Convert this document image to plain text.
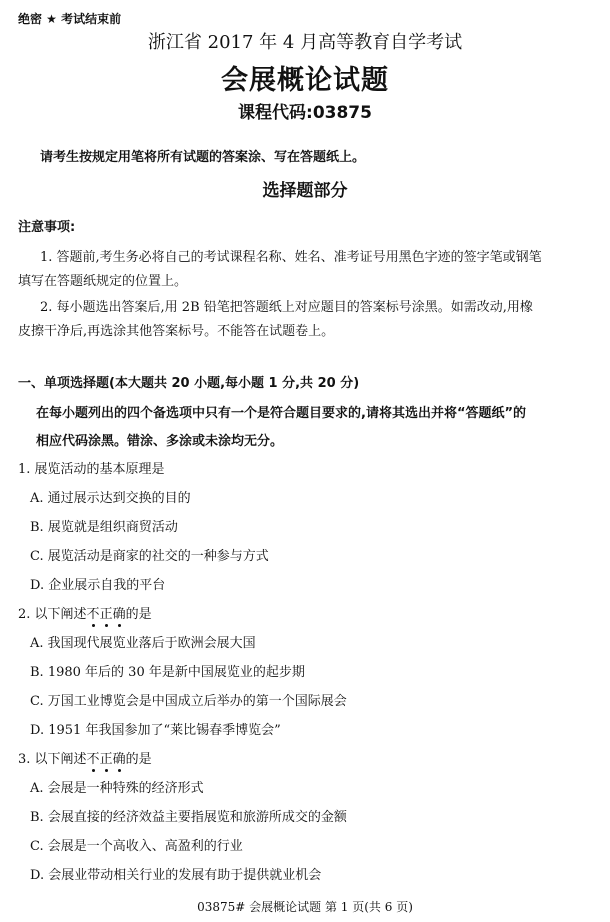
绝密 ★ 考试结束前
浙江省 2017 年 4 月高等教育自学考试
会展概论试题
课程代码:03875
请考生按规定用笔将所有试题的答案涂、写在答题纸上。
选择题部分
注意事项:
1. 答题前,考生务必将自己的考试课程名称、姓名、准考证号用黑色字迹的签字笔或钢笔
填写在答题纸规定的位置上。
2. 每小题选出答案后,用 2B 铅笔把答题纸上对应题目的答案标号涂黑。如需改动,用橡
皮擦干净后,再选涂其他答案标号。不能答在试题卷上。
一、单项选择题(本大题共 20 小题,每小题 1 分,共 20 分)
在每小题列出的四个备选项中只有一个是符合题目要求的,请将其选出并将“答题纸”的
相应代码涂黑。错涂、多涂或未涂均无分。
1. 展览活动的基本原理是
A. 通过展示达到交换的目的
B. 展览就是组织商贸活动
C. 展览活动是商家的社交的一种参与方式
D. 企业展示自我的平台
2. 以下阐述不正确的是
A. 我国现代展览业落后于欧洲会展大国
B. 1980 年后的 30 年是新中国展览业的起步期
C. 万国工业博览会是中国成立后举办的第一个国际展会
D. 1951 年我国参加了“莱比锡春季博览会”
3. 以下阐述不正确的是
A. 会展是一种特殊的经济形式
B. 会展直接的经济效益主要指展览和旅游所成交的金额
C. 会展是一个高收入、高盈利的行业
D. 会展业带动相关行业的发展有助于提供就业机会
03875# 会展概论试题 第 1 页(共 6 页)
